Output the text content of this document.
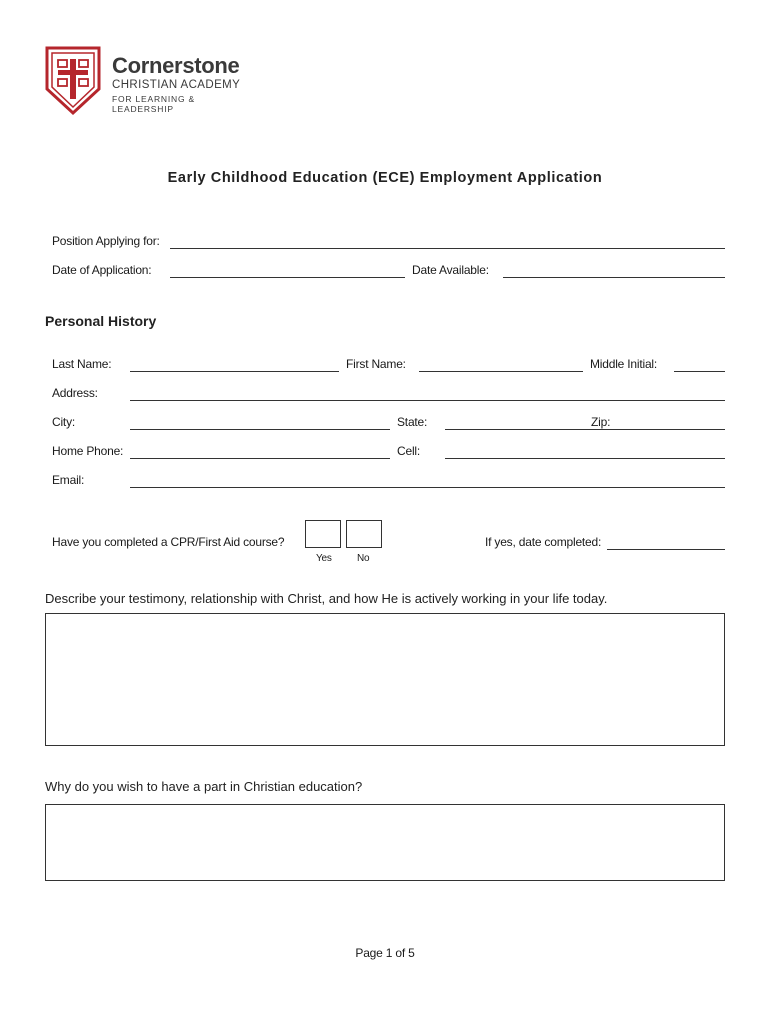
Cornerstone
CHRISTIAN ACADEMY
FOR LEARNING & LEADERSHIP
Early Childhood Education (ECE) Employment Application
Position Applying for:
Date of Application:	Date Available:
Personal History
Last Name:	First Name:	Middle Initial:
Address:
City:	State:	Zip:
Home Phone:	Cell:
Email:
Have you completed a CPR/First Aid course?
Yes	No
If yes, date completed:
Describe your testimony, relationship with Christ, and how He is actively working in your life today.
Why do you wish to have a part in Christian education?
Page 1 of 5
